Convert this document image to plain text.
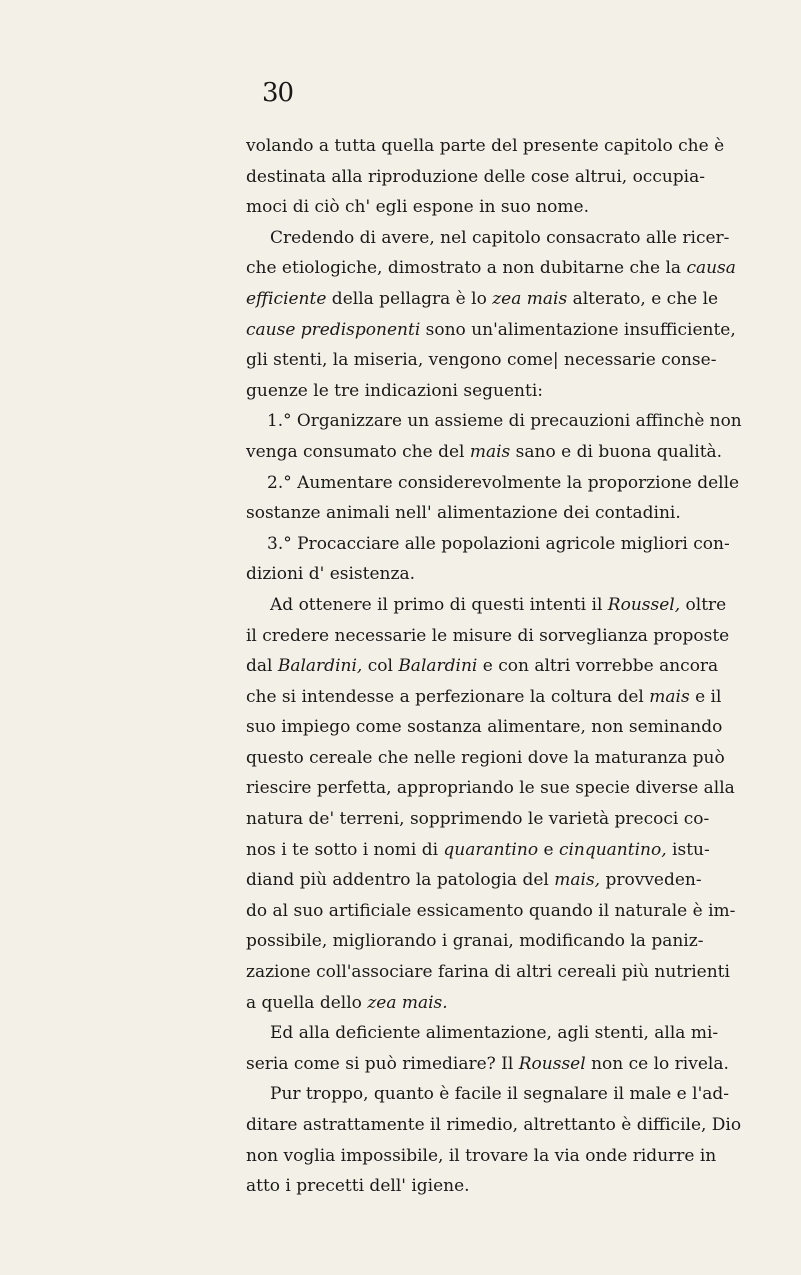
30
volando a tutta quella parte del presente capitolo che è
destinata alla riproduzione delle cose altrui, occupia-
moci di ciò ch' egli espone in suo nome.
Credendo di avere, nel capitolo consacrato alle ricer-
che etiologiche, dimostrato a non dubitarne che la causa
efficiente della pellagra è lo zea mais alterato, e che le
cause predisponenti sono un'alimentazione insufficiente,
gli stenti, la miseria, vengono come| necessarie conse-
guenze le tre indicazioni seguenti:
1.° Organizzare un assieme di precauzioni affinchè non
venga consumato che del mais sano e di buona qualità.
2.° Aumentare considerevolmente la proporzione delle
sostanze animali nell' alimentazione dei contadini.
3.° Procacciare alle popolazioni agricole migliori con-
dizioni d' esistenza.
Ad ottenere il primo di questi intenti il Roussel, oltre
il credere necessarie le misure di sorveglianza proposte
dal Balardini, col Balardini e con altri vorrebbe ancora
che si intendesse a perfezionare la coltura del mais e il
suo impiego come sostanza alimentare, non seminando
questo cereale che nelle regioni dove la maturanza può
riescire perfetta, appropriando le sue specie diverse alla
natura de' terreni, sopprimendo le varietà precoci co-
nos i te sotto i nomi di quarantino e cinquantino, istu-
diand più addentro la patologia del mais, provveden-
do al suo artificiale essicamento quando il naturale è im-
possibile, migliorando i granai, modificando la paniz-
zazione coll'associare farina di altri cereali più nutrienti
a quella dello zea mais.
Ed alla deficiente alimentazione, agli stenti, alla mi-
seria come si può rimediare? Il Roussel non ce lo rivela.
Pur troppo, quanto è facile il segnalare il male e l'ad-
ditare astrattamente il rimedio, altrettanto è difficile, Dio
non voglia impossibile, il trovare la via onde ridurre in
atto i precetti dell' igiene.
